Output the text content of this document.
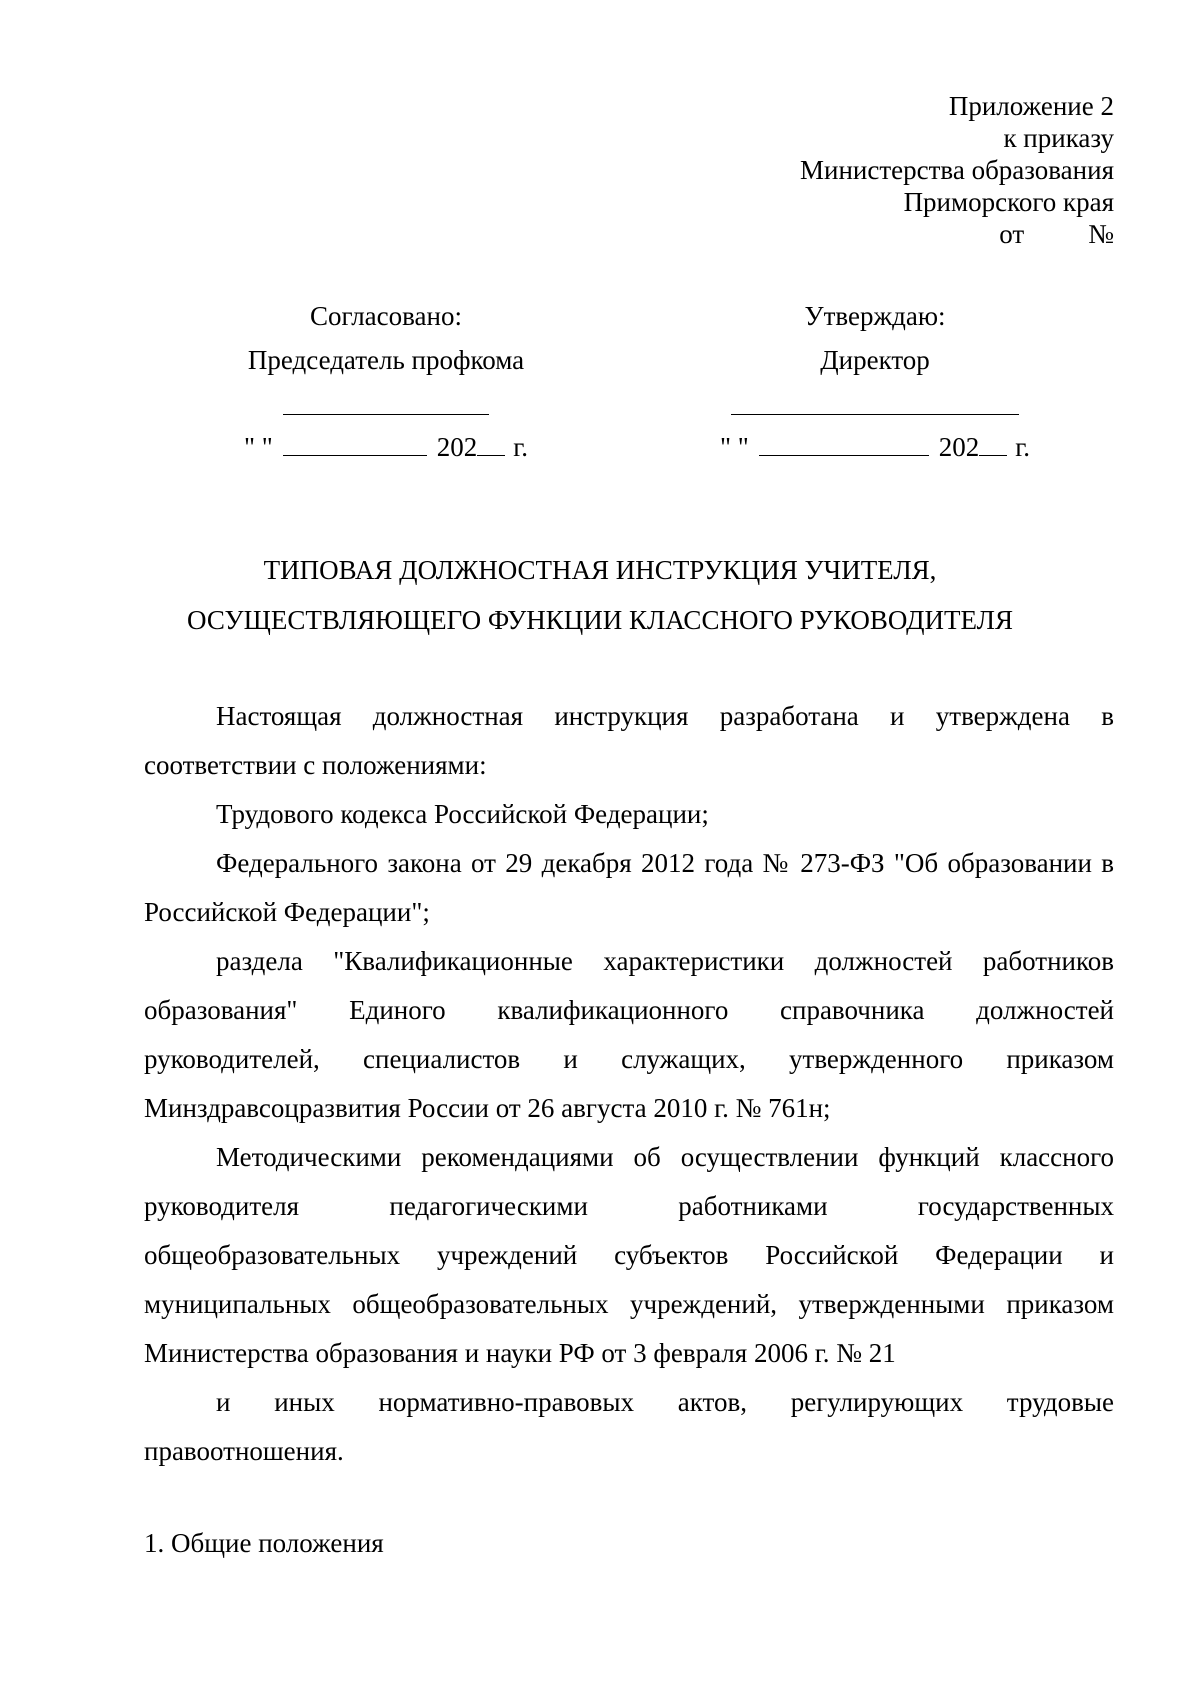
Приложение 2
к приказу
Министерства образования
Приморского края
от №
Согласовано:
Председатель профкома
" "	202 г.
Утверждаю:
Директор
" "	202 г.
ТИПОВАЯ ДОЛЖНОСТНАЯ ИНСТРУКЦИЯ УЧИТЕЛЯ,
ОСУЩЕСТВЛЯЮЩЕГО ФУНКЦИИ КЛАССНОГО РУКОВОДИТЕЛЯ

Настоящая должностная инструкция разработана и утверждена в соответствии с положениями:

Трудового кодекса Российской Федерации;

Федерального закона от 29 декабря 2012 года № 273-ФЗ "Об образовании в Российской Федерации";

раздела "Квалификационные характеристики должностей работников образования" Единого квалификационного справочника должностей руководителей, специалистов и служащих, утвержденного приказом Минздравсоцразвития России от 26 августа 2010 г. № 761н;

Методическими рекомендациями об осуществлении функций классного руководителя педагогическими работниками государственных общеобразовательных учреждений субъектов Российской Федерации и муниципальных общеобразовательных учреждений, утвержденными приказом Министерства образования и науки РФ от 3 февраля 2006 г. № 21

и иных нормативно-правовых актов, регулирующих трудовые правоотношения.

1. Общие положения
